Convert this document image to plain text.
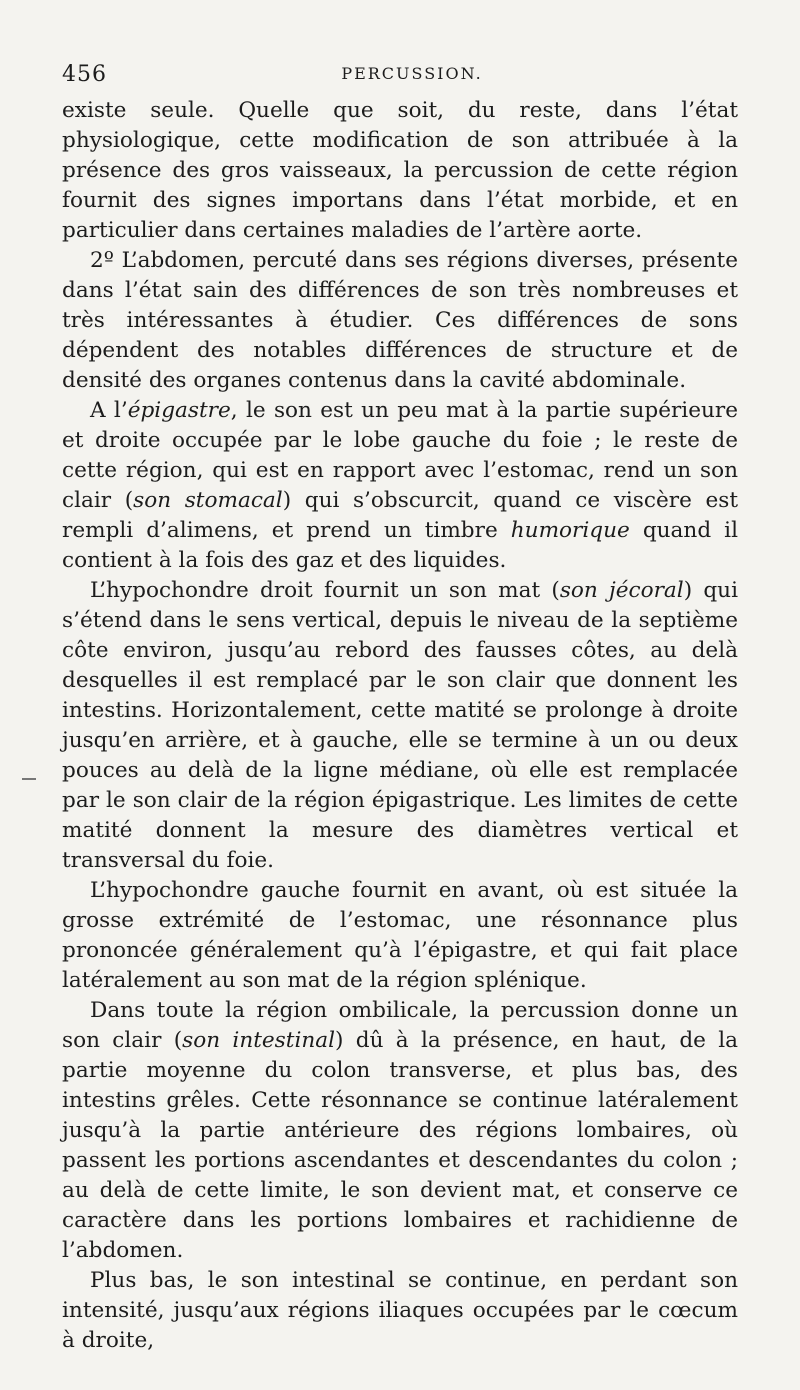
456	PERCUSSION.

existe seule. Quelle que soit, du reste, dans l’état physiologique, cette modification de son attribuée à la présence des gros vaisseaux, la percussion de cette région fournit des signes importans dans l’état morbide, et en particulier dans certaines maladies de l’artère aorte.

2º L’abdomen, percuté dans ses régions diverses, présente dans l’état sain des différences de son très nombreuses et très intéressantes à étudier. Ces différences de sons dépendent des notables différences de structure et de densité des organes contenus dans la cavité abdominale.

A l’épigastre, le son est un peu mat à la partie supérieure et droite occupée par le lobe gauche du foie ; le reste de cette région, qui est en rapport avec l’estomac, rend un son clair (son stomacal) qui s’obscurcit, quand ce viscère est rempli d’alimens, et prend un timbre humorique quand il contient à la fois des gaz et des liquides.

L’hypochondre droit fournit un son mat (son jécoral) qui s’étend dans le sens vertical, depuis le niveau de la septième côte environ, jusqu’au rebord des fausses côtes, au delà desquelles il est remplacé par le son clair que donnent les intestins. Horizontalement, cette matité se prolonge à droite jusqu’en arrière, et à gauche, elle se termine à un ou deux pouces au delà de la ligne médiane, où elle est remplacée par le son clair de la région épigastrique. Les limites de cette matité donnent la mesure des diamètres vertical et transversal du foie.

L’hypochondre gauche fournit en avant, où est située la grosse extrémité de l’estomac, une résonnance plus prononcée généralement qu’à l’épigastre, et qui fait place latéralement au son mat de la région splénique.

Dans toute la région ombilicale, la percussion donne un son clair (son intestinal) dû à la présence, en haut, de la partie moyenne du colon transverse, et plus bas, des intestins grêles. Cette résonnance se continue latéralement jusqu’à la partie antérieure des régions lombaires, où passent les portions ascendantes et descendantes du colon ; au delà de cette limite, le son devient mat, et conserve ce caractère dans les portions lombaires et rachidienne de l’abdomen.

Plus bas, le son intestinal se continue, en perdant son intensité, jusqu’aux régions iliaques occupées par le cœcum à droite,
